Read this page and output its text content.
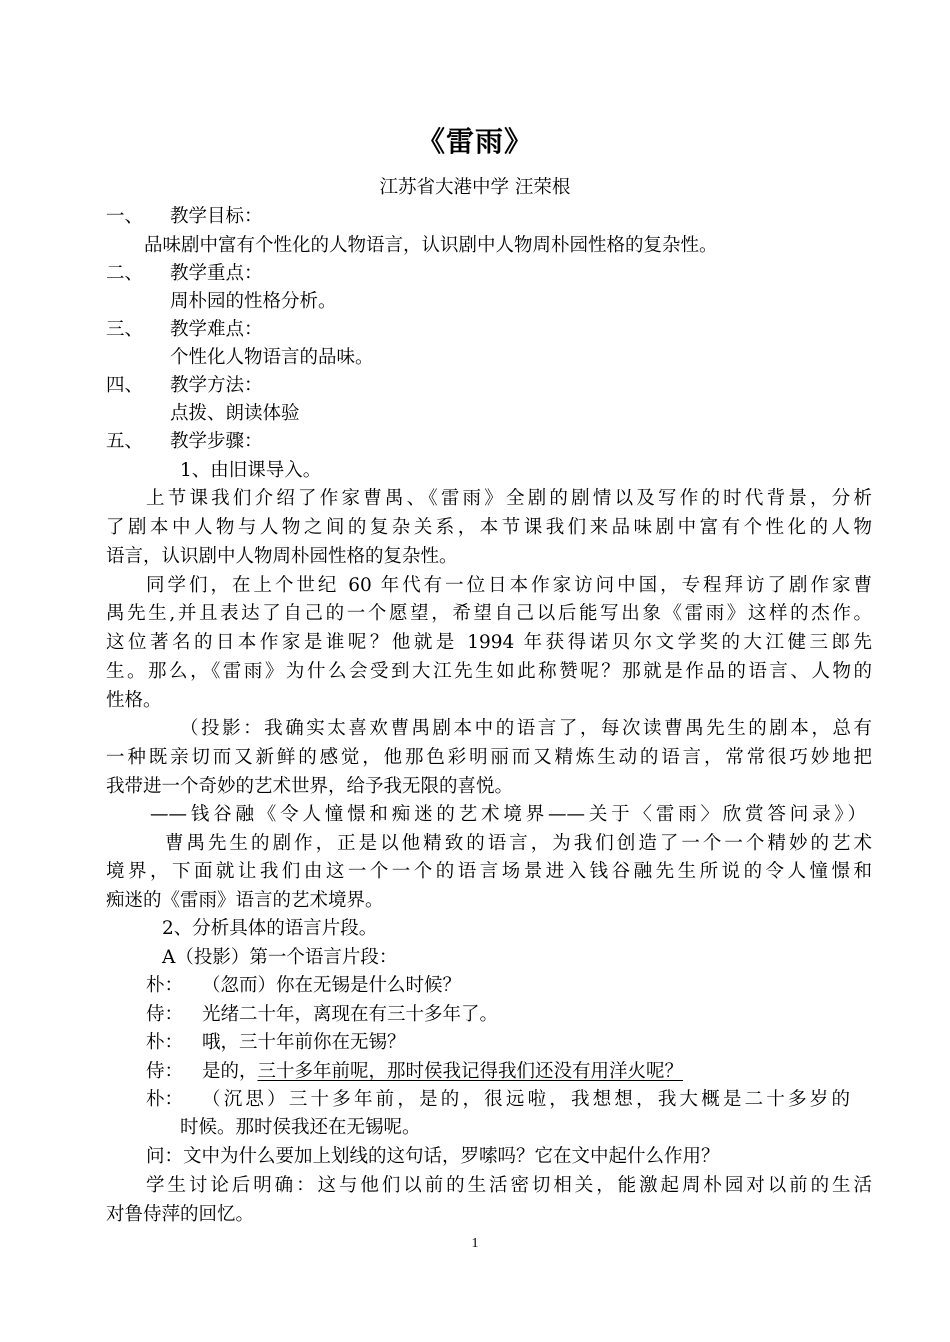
《雷雨》
江苏省大港中学 汪荣根
一、 教学目标：
品味剧中富有个性化的人物语言，认识剧中人物周朴园性格的复杂性。
二、 教学重点：
周朴园的性格分析。
三、 教学难点：
个性化人物语言的品味。
四、 教学方法：
点拨、朗读体验
五、 教学步骤：
1、由旧课导入。
上节课我们介绍了作家曹禺、《雷雨》全剧的剧情以及写作的时代背景，分析
了剧本中人物与人物之间的复杂关系，本节课我们来品味剧中富有个性化的人物
语言，认识剧中人物周朴园性格的复杂性。
同学们，在上个世纪 60 年代有一位日本作家访问中国，专程拜访了剧作家曹
禺先生,并且表达了自己的一个愿望，希望自己以后能写出象《雷雨》这样的杰作。
这位著名的日本作家是谁呢？他就是 1994 年获得诺贝尔文学奖的大江健三郎先
生。那么，《雷雨》为什么会受到大江先生如此称赞呢？那就是作品的语言、人物的
性格。
（投影：我确实太喜欢曹禺剧本中的语言了，每次读曹禺先生的剧本，总有
一种既亲切而又新鲜的感觉，他那色彩明丽而又精炼生动的语言，常常很巧妙地把
我带进一个奇妙的艺术世界，给予我无限的喜悦。
——钱谷融《令人憧憬和痴迷的艺术境界——关于〈雷雨〉欣赏答问录》）
曹禺先生的剧作，正是以他精致的语言，为我们创造了一个一个精妙的艺术
境界，下面就让我们由这一个一个的语言场景进入钱谷融先生所说的令人憧憬和
痴迷的《雷雨》语言的艺术境界。
2、分析具体的语言片段。
A（投影）第一个语言片段：
朴： （忽而）你在无锡是什么时候？
侍： 光绪二十年，离现在有三十多年了。
朴： 哦，三十年前你在无锡？
侍： 是的，三十多年前呢，那时侯我记得我们还没有用洋火呢？
朴： （沉思）三十多年前，是的，很远啦，我想想，我大概是二十多岁的
时候。那时侯我还在无锡呢。
问：文中为什么要加上划线的这句话，罗嗦吗？它在文中起什么作用？
学生讨论后明确：这与他们以前的生活密切相关，能激起周朴园对以前的生活
对鲁侍萍的回忆。
1
